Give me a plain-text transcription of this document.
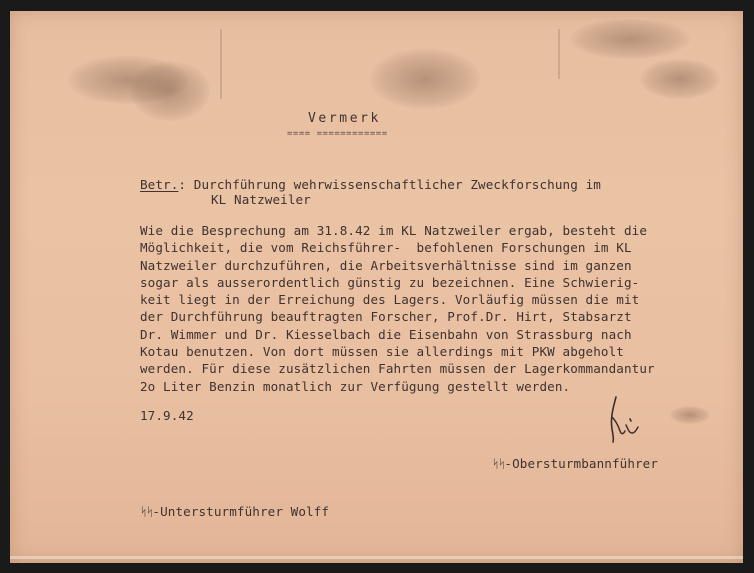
Vermerk
==== ============
Betr.: Durchführung wehrwissenschaftlicher Zweckforschung im
KL Natzweiler
Wie die Besprechung am 31.8.42 im KL Natzweiler ergab, besteht die
Möglichkeit, die vom Reichsführer-  befohlenen Forschungen im KL
Natzweiler durchzuführen, die Arbeitsverhältnisse sind im ganzen
sogar als ausserordentlich günstig zu bezeichnen. Eine Schwierig-
keit liegt in der Erreichung des Lagers. Vorläufig müssen die mit
der Durchführung beauftragten Forscher, Prof.Dr. Hirt, Stabsarzt
Dr. Wimmer und Dr. Kiesselbach die Eisenbahn von Strassburg nach
Kotau benutzen. Von dort müssen sie allerdings mit PKW abgeholt
werden. Für diese zusätzlichen Fahrten müssen der Lagerkommandantur
2o Liter Benzin monatlich zur Verfügung gestellt werden.
17.9.42
ᛋᛋ-Obersturmbannführer
ᛋᛋ-Untersturmführer Wolff
